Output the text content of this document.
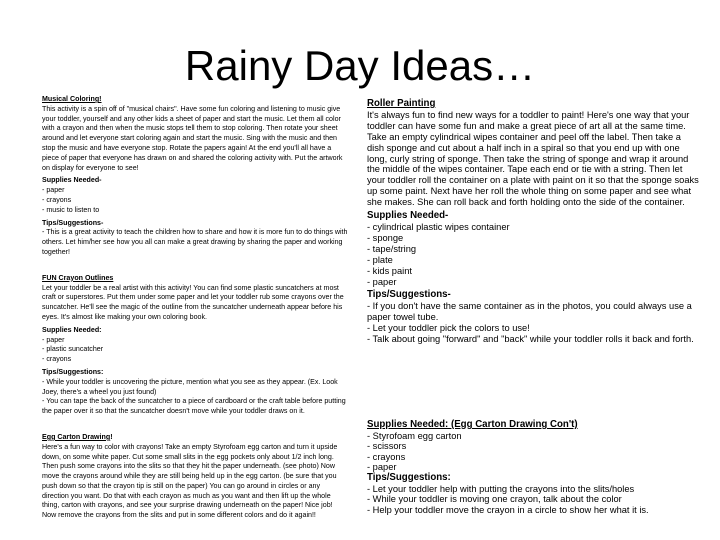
Rainy Day Ideas…

Musical Coloring!

This activity is a spin off of "musical chairs". Have some fun coloring and listening to music give your toddler, yourself and any other kids a sheet of paper and start the music. Let them all color with a crayon and then when the music stops tell them to stop coloring. Then rotate your sheet around and let everyone start coloring again and start the music. Sing with the music and then stop the music and have everyone stop. Rotate the papers again! At the end you'll all have a piece of paper that everyone has drawn on and shared the coloring activity with. Put the artwork on display for everyone to see!

Supplies Needed-

- paper

- crayons

- music to listen to

Tips/Suggestions-

- This is a great activity to teach the children how to share and how it is more fun to do things with others. Let him/her see how you all can make a great drawing by sharing the paper and working together!

FUN Crayon Outlines

Let your toddler be a real artist with this activity! You can find some plastic suncatchers at most craft or superstores. Put them under some paper and let your toddler rub some crayons over the suncatcher. He'll see the magic of the outline from the suncatcher underneath appear before his eyes. It's almost like making your own coloring book.

Supplies Needed:

- paper

- plastic suncatcher

- crayons

Tips/Suggestions:

- While your toddler is uncovering the picture, mention what you see as they appear. (Ex. Look Joey, there's a wheel you just found)

- You can tape the back of the suncatcher to a piece of cardboard or the craft table before putting the paper over it so that the suncatcher doesn't move while your toddler draws on it.

Egg Carton Drawing!

Here's a fun way to color with crayons! Take an empty Styrofoam egg carton and turn it upside down, on some white paper. Cut some small slits in the egg pockets only about 1/2 inch long. Then push some crayons into the slits so that they hit the paper underneath. (see photo) Now move the crayons around while they are still being held up in the egg carton. (be sure that you push down so that the crayon tip is still on the paper) You can go around in circles or any direction you want. Do that with each crayon as much as you want and then lift up the whole thing, carton with crayons, and see your surprise drawing underneath on the paper! Nice job! Now remove the crayons from the slits and put in some different colors and do it again!!

Roller Painting

It's always fun to find new ways for a toddler to paint! Here's one way that your toddler can have some fun and make a great piece of art all at the same time. Take an empty cylindrical wipes container and peel off the label. Then take a dish sponge and cut about a half inch in a spiral so that you end up with one long, curly string of sponge. Then take the string of sponge and wrap it around the middle of the wipes container. Tape each end or tie with a string. Then let your toddler roll the container on a plate with paint on it so that the sponge soaks up some paint. Next have her roll the whole thing on some paper and see what she makes. She can roll back and forth holding onto the side of the container.

Supplies Needed-

- cylindrical plastic wipes container

- sponge

- tape/string

- plate

- kids paint

- paper

Tips/Suggestions-

- If you don't have the same container as in the photos, you could always use a paper towel tube.

- Let your toddler pick the colors to use!

- Talk about going "forward" and "back" while your toddler rolls it back and forth.

Supplies Needed: (Egg Carton Drawing Con't)

- Styrofoam egg carton

- scissors

- crayons

- paper

Tips/Suggestions:

- Let your toddler help with putting the crayons into the slits/holes

- While your toddler is moving one crayon, talk about the color

- Help your toddler move the crayon in a circle to show her what it is.
